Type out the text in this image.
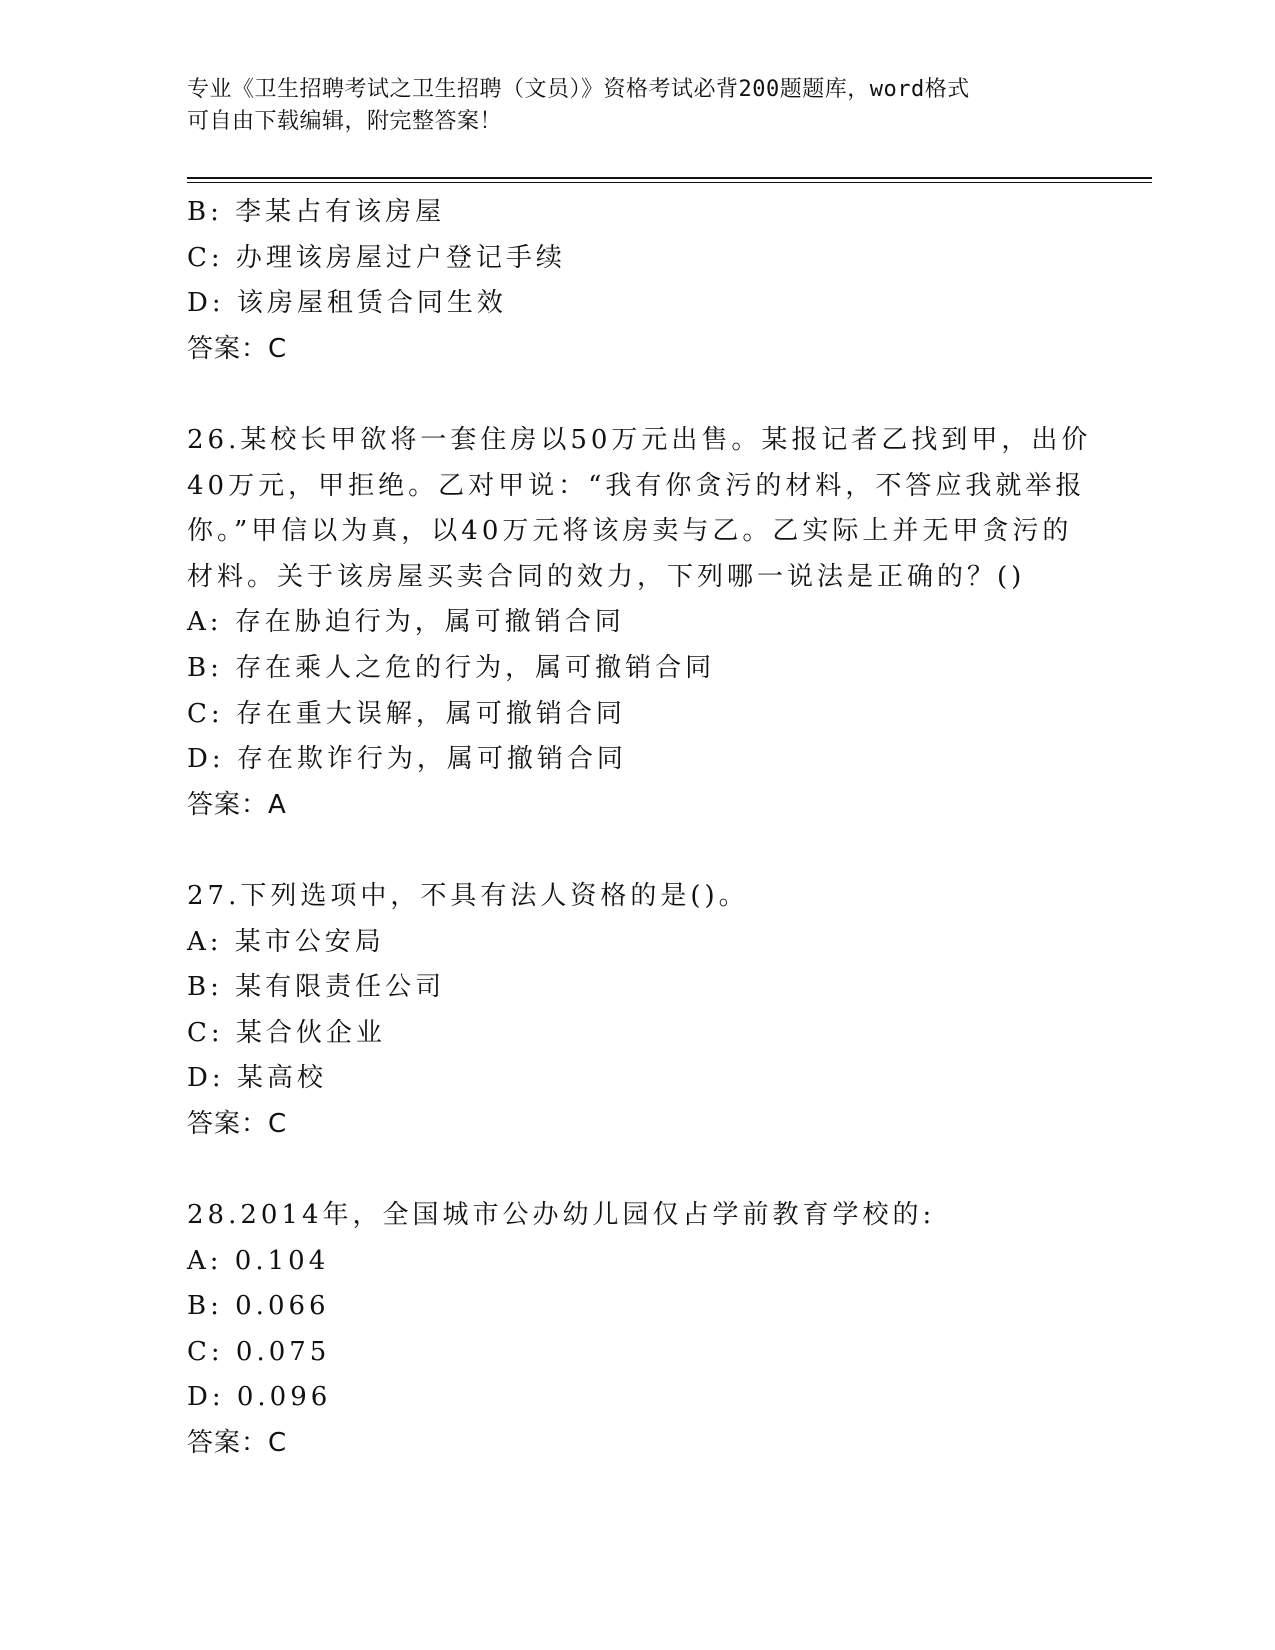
专业《卫生招聘考试之卫生招聘（文员）》资格考试必背200题题库，word格式
可自由下载编辑，附完整答案！
B: 李某占有该房屋
C: 办理该房屋过户登记手续
D: 该房屋租赁合同生效
答案：C
26.某校长甲欲将一套住房以50万元出售。某报记者乙找到甲，出价
40万元，甲拒绝。乙对甲说：“我有你贪污的材料，不答应我就举报
你。”甲信以为真，以40万元将该房卖与乙。乙实际上并无甲贪污的
材料。关于该房屋买卖合同的效力，下列哪一说法是正确的？()
A: 存在胁迫行为，属可撤销合同
B: 存在乘人之危的行为，属可撤销合同
C: 存在重大误解，属可撤销合同
D: 存在欺诈行为，属可撤销合同
答案：A
27.下列选项中，不具有法人资格的是()。
A: 某市公安局
B: 某有限责任公司
C: 某合伙企业
D: 某高校
答案：C
28.2014年，全国城市公办幼儿园仅占学前教育学校的:
A: 0.104
B: 0.066
C: 0.075
D: 0.096
答案：C
